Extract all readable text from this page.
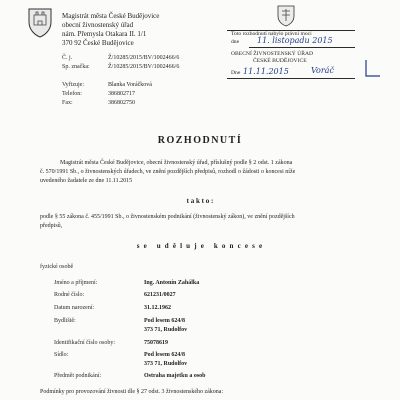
Magistrát města České Budějovice
obecní živnostenský úřad
nám. Přemysla Otakara II. 1/1
370 92 České Budějovice
Č. j.	Ž/10285/2015/BV/1002466/6
Sp. značka:	Ž/10285/2015/BV/1002466/6
Vyřizuje:	Blanka Voráčková
Telefon:	386802717
Fax:	386802750
Toto rozhodnutí nabylo právní moci
dne 11. listopadu 2015
OBECNÍ ŽIVNOSTENSKÝ ÚŘAD
ČESKÉ BUDĚJOVICE
Dne 11.11.2015	Voráč
ROZHODNUTÍ
Magistrát města České Budějovice, obecní živnostenský úřad, příslušný podle § 2 odst. 1 zákona
č. 570/1991 Sb., o živnostenských úřadech, ve znění pozdějších předpisů, rozhodl o žádosti o koncesi níže
uvedeného žadatele ze dne 11.11.2015
t a k t o :
podle § 55 zákona č. 455/1991 Sb., o živnostenském podnikání (živnostenský zákon), ve znění pozdějších
předpisů,
s e   u d ě l u j e   k o n c e s e
fyzické osobě
Jméno a příjmení:	Ing. Antonín Zahálka
Rodné číslo:	621231/0027
Datum narození:	31.12.1962
Bydliště:	Pod lesem 624/8
373 71, Rudolfov
Identifikační číslo osoby:	75078619
Sídlo:	Pod lesem 624/8
373 71, Rudolfov
Předmět podnikání:	Ostraha majetku a osob
Podmínky pro provozování živnosti dle § 27 odst. 3 živnostenského zákona:
